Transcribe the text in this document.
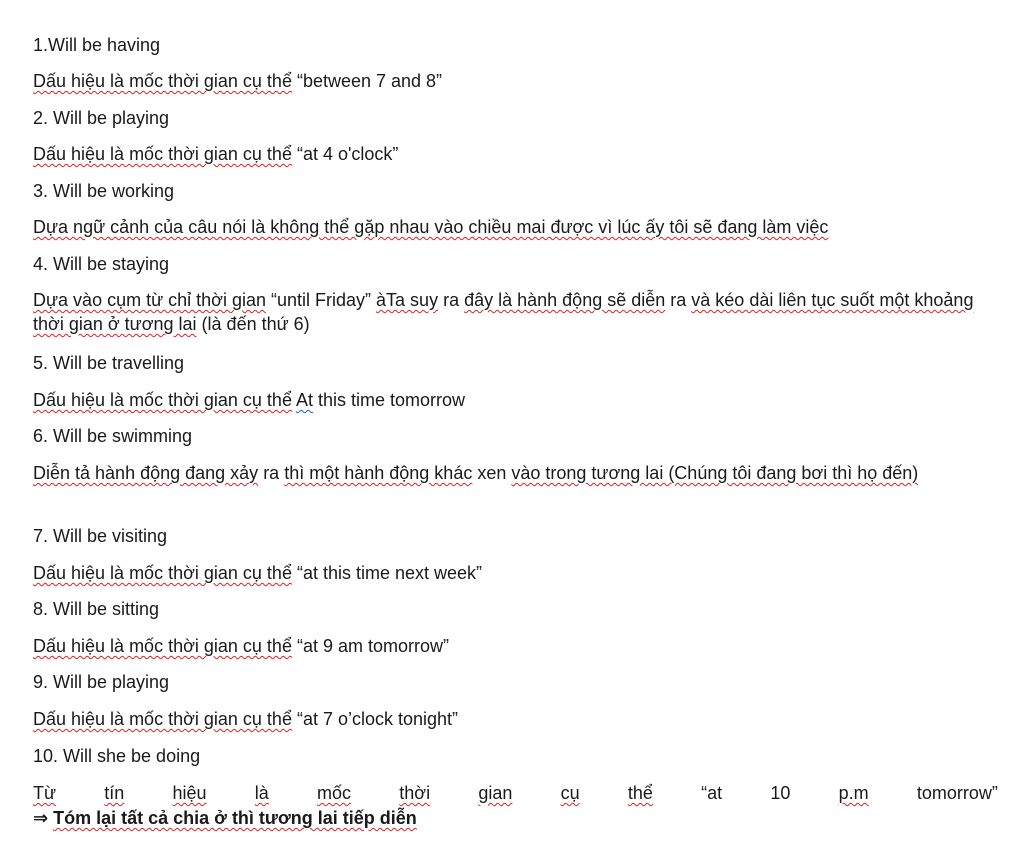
1.Will be having
Dấu hiệu là mốc thời gian cụ thể “between 7 and 8”
2. Will be playing
Dấu hiệu là mốc thời gian cụ thể “at 4 o'clock”
3. Will be working
Dựa ngữ cảnh của câu nói là không thể gặp nhau vào chiều mai được vì lúc ấy tôi sẽ đang làm việc
4. Will be staying
Dựa vào cụm từ chỉ thời gian “until Friday” àTa suy ra đây là hành động sẽ diễn ra và kéo dài liên tục suốt một khoảng thời gian ở tương lai (là đến thứ 6)
5. Will be travelling
Dấu hiệu là mốc thời gian cụ thể At this time tomorrow
6. Will be swimming
Diễn tả hành động đang xảy ra thì một hành động khác xen vào trong tương lai (Chúng tôi đang bơi thì họ đến)
7. Will be visiting
Dấu hiệu là mốc thời gian cụ thể “at this time next week”
8. Will be sitting
Dấu hiệu là mốc thời gian cụ thể “at 9 am tomorrow”
9. Will be playing
Dấu hiệu là mốc thời gian cụ thể “at 7 o’clock tonight”
10. Will she be doing
Từ	tín	hiệu	là	mốc	thời	gian	cụ	thể	“at	10	p.m	tomorrow”
⇒ Tóm lại tất cả chia ở thì tương lai tiếp diễn
